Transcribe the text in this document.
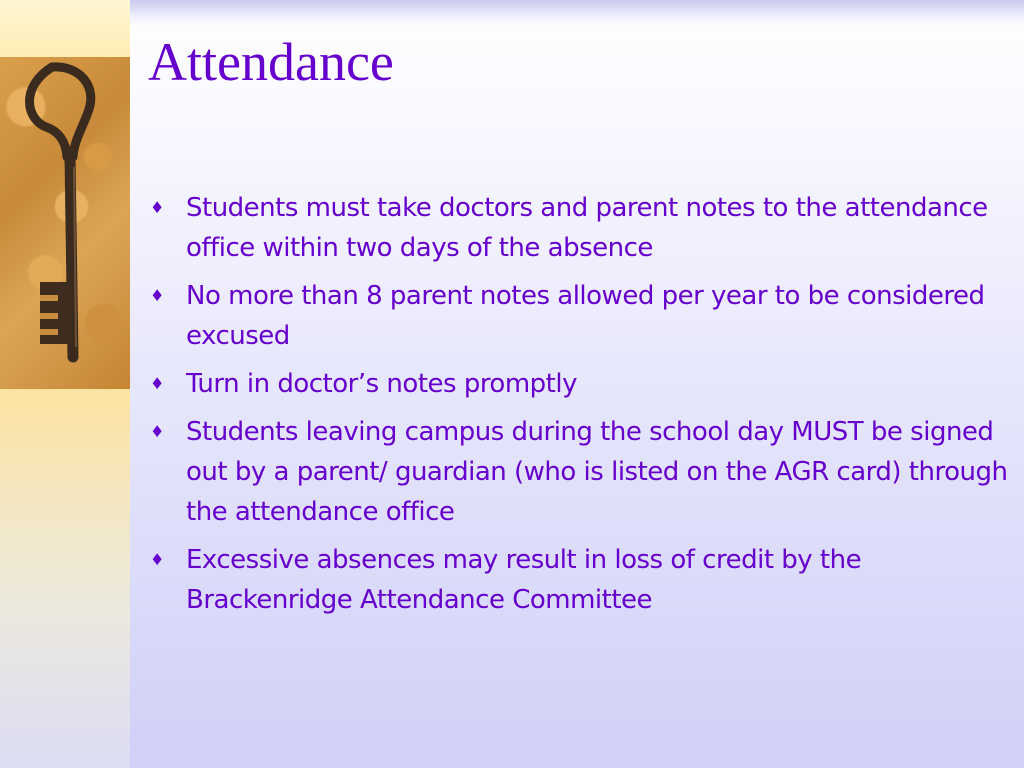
Attendance
♦ Students must take doctors and parent notes to the attendance office within two days of the absence
♦ No more than 8 parent notes allowed per year to be considered excused
♦ Turn in doctor’s notes promptly
♦ Students leaving campus during the school day MUST be signed out by a parent/ guardian (who is listed on the AGR card) through the attendance office
♦ Excessive absences may result in loss of credit by the Brackenridge Attendance Committee
